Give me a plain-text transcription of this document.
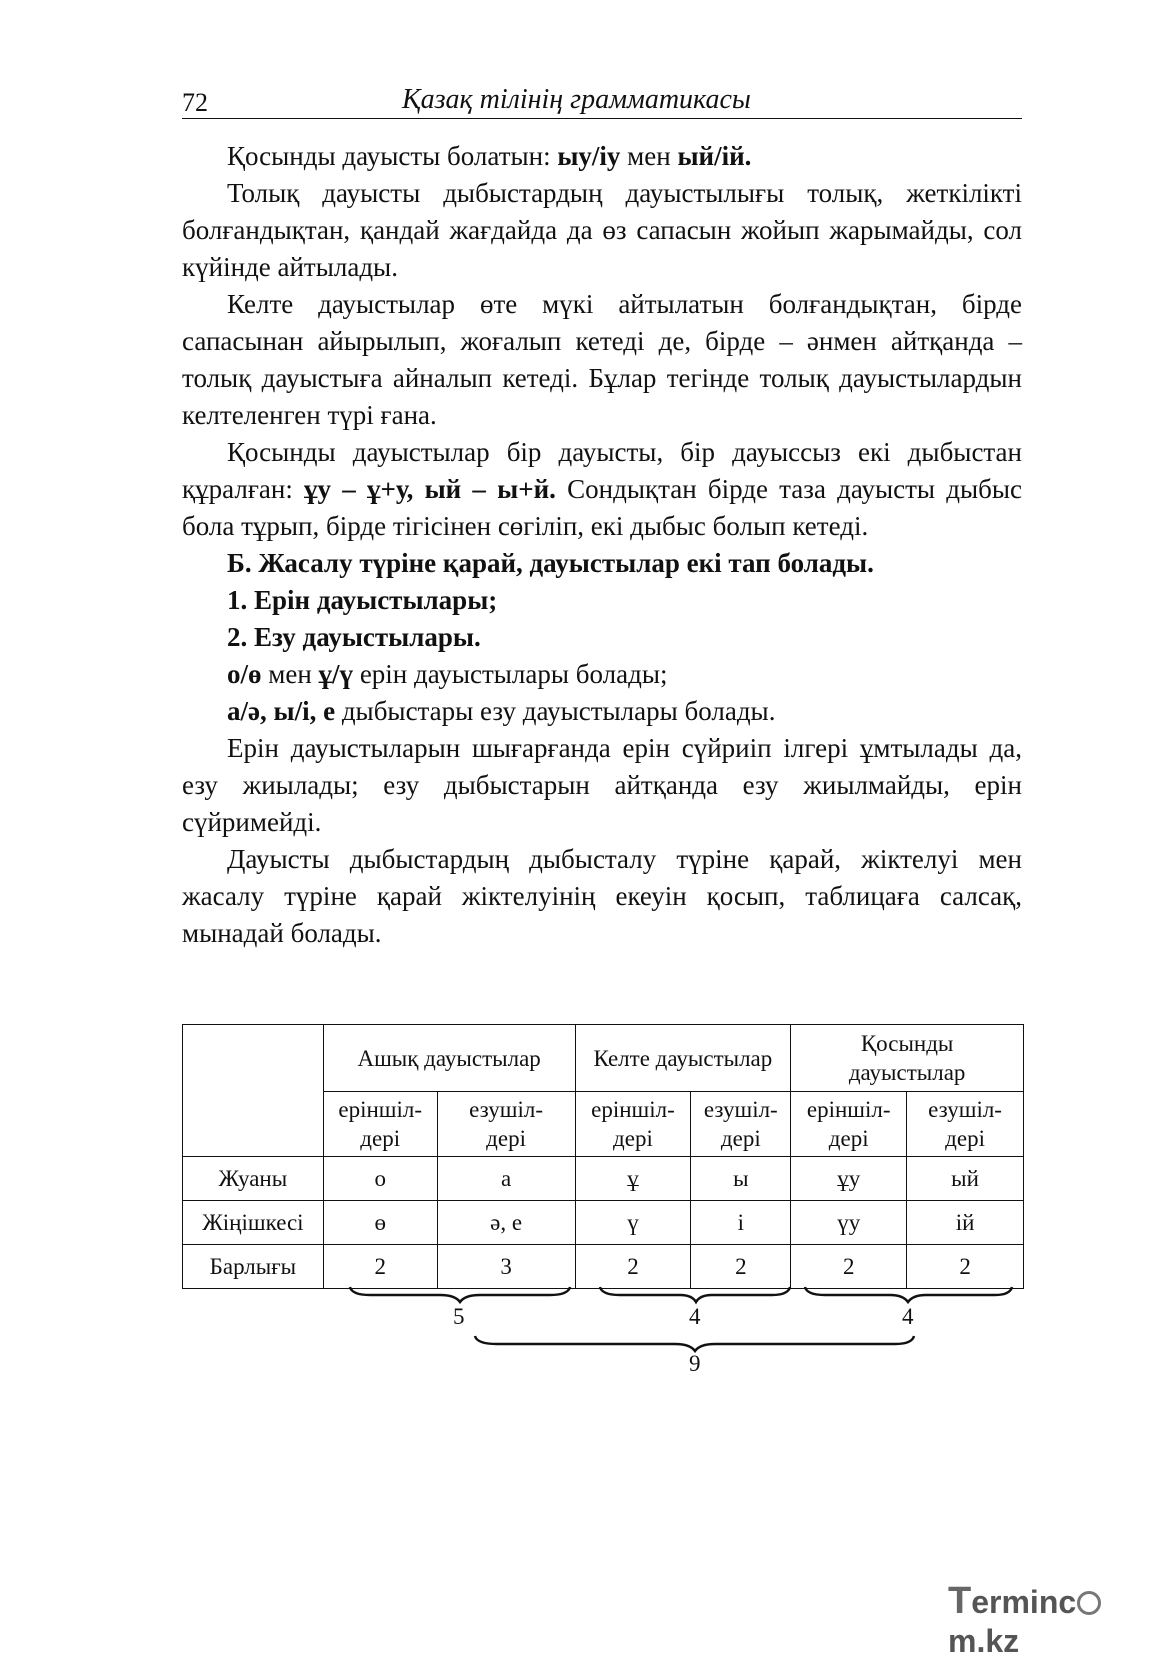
72	Қазақ тілінің грамматикасы

Қосынды дауысты болатын: ыу/іу мен ый/ій.

Толық дауысты дыбыстардың дауыстылығы толық, жеткілікті болғандықтан, қандай жағдайда да өз сапасын жойып жарымайды, сол күйінде айтылады.

Келте дауыстылар өте мүкі айтылатын болғандықтан, бірде сапасынан айырылып, жоғалып кетеді де, бірде – әнмен айтқанда – толық дауыстыға айналып кетеді. Бұлар тегінде толық дауыстылардын келтеленген түрі ғана.

Қосынды дауыстылар бір дауысты, бір дауыссыз екі дыбыстан құралған: ұу – ұ+у, ый – ы+й. Сондықтан бірде таза дауысты дыбыс бола тұрып, бірде тігісінен сөгіліп, екі дыбыс болып кетеді.

Б. Жасалу түріне қарай, дауыстылар екі тап болады.

1. Ерін дауыстылары;

2. Езу дауыстылары.

о/ө мен ұ/ү ерін дауыстылары болады;

а/ә, ы/і, е дыбыстары езу дауыстылары болады.

Ерін дауыстыларын шығарғанда ерін сүйриіп ілгері ұмтылады да, езу жиылады; езу дыбыстарын айтқанда езу жиылмайды, ерін сүйримейді.

Дауысты дыбыстардың дыбысталу түріне қарай, жіктелуі мен жасалу түріне қарай жіктелуінің екеуін қосып, таблицаға салсақ, мынадай болады.

	Ашық дауыстылар		Келте дауыстылар		Қосынды дауыстылар	
	еріншіл-дері	езушіл-дері	еріншіл-дері	езушіл-дері	еріншіл-дері	езушіл-дері
Жуаны	о	а	ұ	ы	ұу	ый
Жіңішкесі	ө	ә, е	ү	і	үу	ій
Барлығы	2	3	2	2	2	2
5	4	4
9
Termincm.kz
